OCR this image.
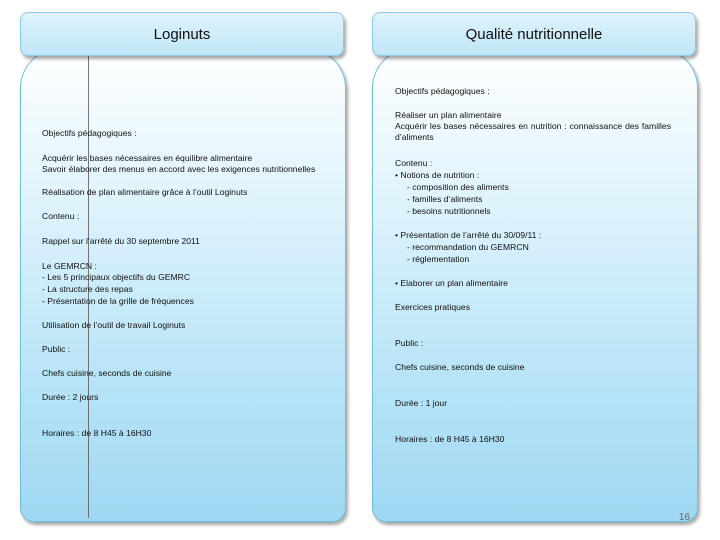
Loginuts
Objectifs pédagogiques :
Acquérir les bases nécessaires en équilibre alimentaire
Savoir élaborer des menus en accord avec les exigences nutritionnelles
Réalisation de plan alimentaire grâce à l’outil Loginuts
Contenu :
Rappel sur l’arrêté du 30 septembre 2011
Le GEMRCN :
- Les 5 principaux objectifs du GEMRC
- La structure des repas
- Présentation de la grille de fréquences
Utilisation de l’outil de travail Loginuts
Public :
Chefs cuisine, seconds de cuisine
Durée : 2 jours
Horaires : de 8 H45 à 16H30
Qualité nutritionnelle
Objectifs pédagogiques :
Réaliser un plan alimentaire
Acquérir les bases nécessaires en nutrition : connaissance des familles d’aliments
Contenu :
• Notions de nutrition :
- composition des aliments
- familles d’aliments
- besoins nutritionnels
• Présentation de l’arrêté du 30/09/11 :
- recommandation du GEMRCN
- réglementation
• Elaborer un plan alimentaire
Exercices pratiques
Public :
Chefs cuisine, seconds de cuisine
Durée : 1 jour
Horaires : de 8 H45 à 16H30
16
